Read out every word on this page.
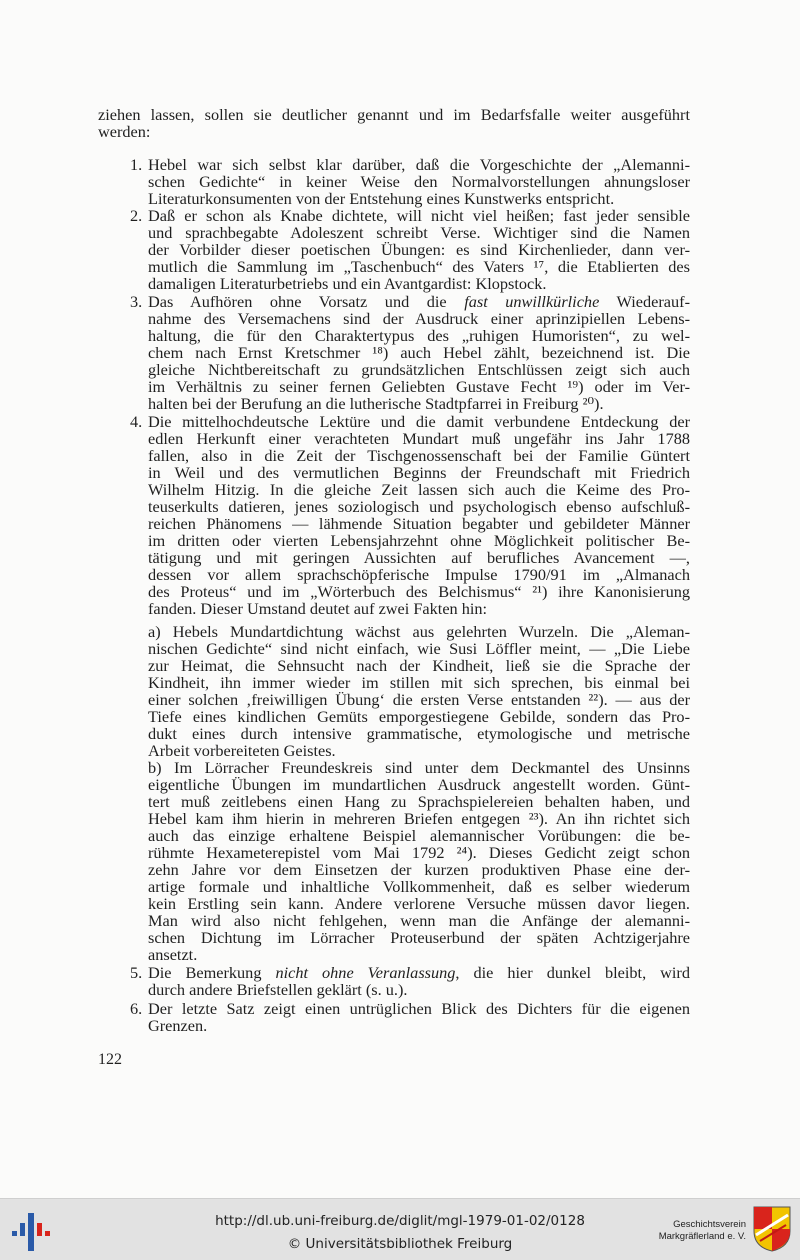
ziehen lassen, sollen sie deutlicher genannt und im Bedarfsfalle weiter ausgeführt
werden:
1. Hebel war sich selbst klar darüber, daß die Vorgeschichte der „Alemanni-
schen Gedichte“ in keiner Weise den Normalvorstellungen ahnungsloser
Literaturkonsumenten von der Entstehung eines Kunstwerks entspricht.
2. Daß er schon als Knabe dichtete, will nicht viel heißen; fast jeder sensible
und sprachbegabte Adoleszent schreibt Verse. Wichtiger sind die Namen
der Vorbilder dieser poetischen Übungen: es sind Kirchenlieder, dann ver-
mutlich die Sammlung im „Taschenbuch“ des Vaters ¹⁷, die Etablierten des
damaligen Literaturbetriebs und ein Avantgardist: Klopstock.
3. Das Aufhören ohne Vorsatz und die fast unwillkürliche Wiederauf-
nahme des Versemachens sind der Ausdruck einer aprinzipiellen Lebens-
haltung, die für den Charaktertypus des „ruhigen Humoristen“, zu wel-
chem nach Ernst Kretschmer ¹⁸) auch Hebel zählt, bezeichnend ist. Die
gleiche Nichtbereitschaft zu grundsätzlichen Entschlüssen zeigt sich auch
im Verhältnis zu seiner fernen Geliebten Gustave Fecht ¹⁹) oder im Ver-
halten bei der Berufung an die lutherische Stadtpfarrei in Freiburg ²⁰).
4. Die mittelhochdeutsche Lektüre und die damit verbundene Entdeckung der
edlen Herkunft einer verachteten Mundart muß ungefähr ins Jahr 1788
fallen, also in die Zeit der Tischgenossenschaft bei der Familie Güntert
in Weil und des vermutlichen Beginns der Freundschaft mit Friedrich
Wilhelm Hitzig. In die gleiche Zeit lassen sich auch die Keime des Pro-
teuserkults datieren, jenes soziologisch und psychologisch ebenso aufschluß-
reichen Phänomens — lähmende Situation begabter und gebildeter Männer
im dritten oder vierten Lebensjahrzehnt ohne Möglichkeit politischer Be-
tätigung und mit geringen Aussichten auf berufliches Avancement —,
dessen vor allem sprachschöpferische Impulse 1790/91 im „Almanach
des Proteus“ und im „Wörterbuch des Belchismus“ ²¹) ihre Kanonisierung
fanden. Dieser Umstand deutet auf zwei Fakten hin:
a) Hebels Mundartdichtung wächst aus gelehrten Wurzeln. Die „Aleman-
nischen Gedichte“ sind nicht einfach, wie Susi Löffler meint, — „Die Liebe
zur Heimat, die Sehnsucht nach der Kindheit, ließ sie die Sprache der
Kindheit, ihn immer wieder im stillen mit sich sprechen, bis einmal bei
einer solchen ‚freiwilligen Übung‘ die ersten Verse entstanden ²²). — aus der
Tiefe eines kindlichen Gemüts emporgestiegene Gebilde, sondern das Pro-
dukt eines durch intensive grammatische, etymologische und metrische
Arbeit vorbereiteten Geistes.
b) Im Lörracher Freundeskreis sind unter dem Deckmantel des Unsinns
eigentliche Übungen im mundartlichen Ausdruck angestellt worden. Günt-
tert muß zeitlebens einen Hang zu Sprachspielereien behalten haben, und
Hebel kam ihm hierin in mehreren Briefen entgegen ²³). An ihn richtet sich
auch das einzige erhaltene Beispiel alemannischer Vorübungen: die be-
rühmte Hexameterepistel vom Mai 1792 ²⁴). Dieses Gedicht zeigt schon
zehn Jahre vor dem Einsetzen der kurzen produktiven Phase eine der-
artige formale und inhaltliche Vollkommenheit, daß es selber wiederum
kein Erstling sein kann. Andere verlorene Versuche müssen davor liegen.
Man wird also nicht fehlgehen, wenn man die Anfänge der alemanni-
schen Dichtung im Lörracher Proteuserbund der späten Achtzigerjahre
ansetzt.
5. Die Bemerkung nicht ohne Veranlassung, die hier dunkel bleibt, wird
durch andere Briefstellen geklärt (s. u.).
6. Der letzte Satz zeigt einen untrüglichen Blick des Dichters für die eigenen
Grenzen.
122
http://dl.ub.uni-freiburg.de/diglit/mgl-1979-01-02/0128
© Universitätsbibliothek Freiburg
Geschichtsverein
Markgräflerland e. V.
